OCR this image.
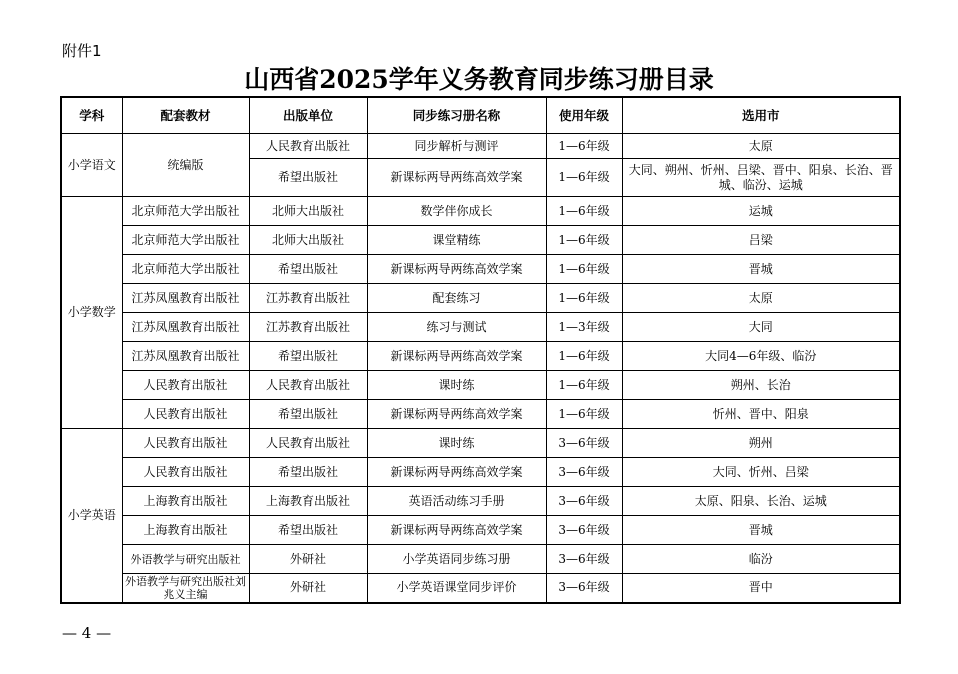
附件1
山西省2025学年义务教育同步练习册目录
学科	配套教材	出版单位	同步练习册名称	使用年级	选用市
小学语文	统编版	人民教育出版社	同步解析与测评	1—6年级	太原
		希望出版社	新课标两导两练高效学案	1—6年级	大同、朔州、忻州、吕梁、晋中、阳泉、长治、晋城、临汾、运城
小学数学	北京师范大学出版社	北师大出版社	数学伴你成长	1—6年级	运城
	北京师范大学出版社	北师大出版社	课堂精练	1—6年级	吕梁
	北京师范大学出版社	希望出版社	新课标两导两练高效学案	1—6年级	晋城
	江苏凤凰教育出版社	江苏教育出版社	配套练习	1—6年级	太原
	江苏凤凰教育出版社	江苏教育出版社	练习与测试	1—3年级	大同
	江苏凤凰教育出版社	希望出版社	新课标两导两练高效学案	1—6年级	大同4—6年级、临汾
	人民教育出版社	人民教育出版社	课时练	1—6年级	朔州、长治
	人民教育出版社	希望出版社	新课标两导两练高效学案	1—6年级	忻州、晋中、阳泉
小学英语	人民教育出版社	人民教育出版社	课时练	3—6年级	朔州
	人民教育出版社	希望出版社	新课标两导两练高效学案	3—6年级	大同、忻州、吕梁
	上海教育出版社	上海教育出版社	英语活动练习手册	3—6年级	太原、阳泉、长治、运城
	上海教育出版社	希望出版社	新课标两导两练高效学案	3—6年级	晋城
	外语教学与研究出版社	外研社	小学英语同步练习册	3—6年级	临汾
	外语教学与研究出版社刘兆义主编	外研社	小学英语课堂同步评价	3—6年级	晋中
— 4 —
